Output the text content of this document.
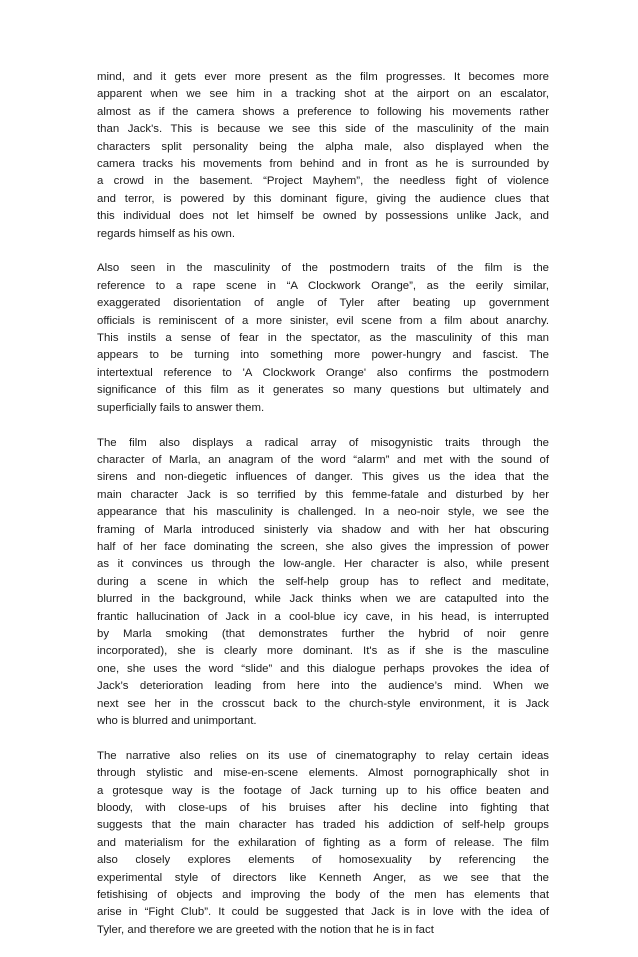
mind, and it gets ever more present as the film progresses. It becomes more
apparent when we see him in a tracking shot at the airport on an escalator,
almost as if the camera shows a preference to following his movements rather
than Jack's. This is because we see this side of the masculinity of the main
characters split personality being the alpha male, also displayed when the
camera tracks his movements from behind and in front as he is surrounded by
a crowd in the basement. “Project Mayhem”, the needless fight of violence
and terror, is powered by this dominant figure, giving the audience clues that
this individual does not let himself be owned by possessions unlike Jack, and
regards himself as his own.
Also seen in the masculinity of the postmodern traits of the film is the
reference to a rape scene in “A Clockwork Orange”, as the eerily similar,
exaggerated disorientation of angle of Tyler after beating up government
officials is reminiscent of a more sinister, evil scene from a film about anarchy.
This instils a sense of fear in the spectator, as the masculinity of this man
appears to be turning into something more power-hungry and fascist. The
intertextual reference to 'A Clockwork Orange' also confirms the postmodern
significance of this film as it generates so many questions but ultimately and
superficially fails to answer them.
The film also displays a radical array of misogynistic traits through the
character of Marla, an anagram of the word “alarm” and met with the sound of
sirens and non-diegetic influences of danger. This gives us the idea that the
main character Jack is so terrified by this femme-fatale and disturbed by her
appearance that his masculinity is challenged. In a neo-noir style, we see the
framing of Marla introduced sinisterly via shadow and with her hat obscuring
half of her face dominating the screen, she also gives the impression of power
as it convinces us through the low-angle. Her character is also, while present
during a scene in which the self-help group has to reflect and meditate,
blurred in the background, while Jack thinks when we are catapulted into the
frantic hallucination of Jack in a cool-blue icy cave, in his head, is interrupted
by Marla smoking (that demonstrates further the hybrid of noir genre
incorporated), she is clearly more dominant. It's as if she is the masculine
one, she uses the word “slide” and this dialogue perhaps provokes the idea of
Jack’s deterioration leading from here into the audience’s mind. When we
next see her in the crosscut back to the church-style environment, it is Jack
who is blurred and unimportant.
The narrative also relies on its use of cinematography to relay certain ideas
through stylistic and mise-en-scene elements. Almost pornographically shot in
a grotesque way is the footage of Jack turning up to his office beaten and
bloody, with close-ups of his bruises after his decline into fighting that
suggests that the main character has traded his addiction of self-help groups
and materialism for the exhilaration of fighting as a form of release. The film
also closely explores elements of homosexuality by referencing the
experimental style of directors like Kenneth Anger, as we see that the
fetishising of objects and improving the body of the men has elements that
arise in “Fight Club”. It could be suggested that Jack is in love with the idea of
Tyler, and therefore we are greeted with the notion that he is in fact
